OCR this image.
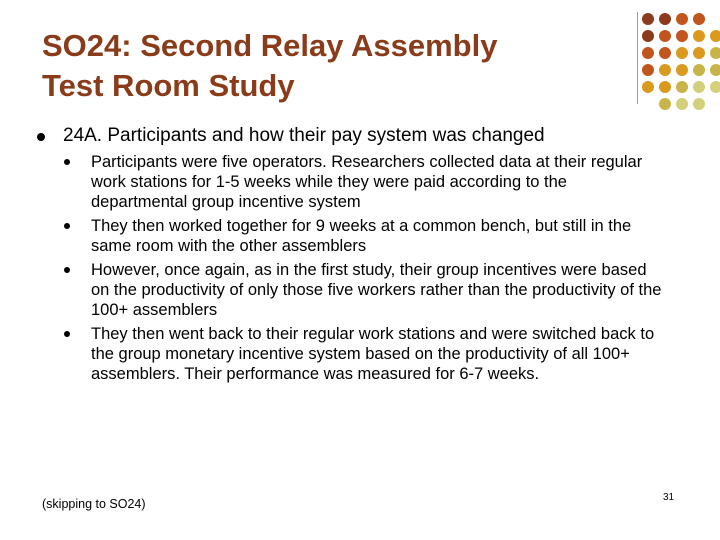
SO24: Second Relay Assembly
Test Room Study
24A. Participants and how their pay system was changed
Participants were five operators. Researchers collected data at their regular work stations for 1-5 weeks while they were paid according to the departmental group incentive system
They then worked together for 9 weeks at a common bench, but still in the same room with the other assemblers
However, once again, as in the first study, their group incentives were based on the productivity of only those five workers rather than the productivity of the 100+ assemblers
They then went back to their regular work stations and were switched back to the group monetary incentive system based on the productivity of all 100+ assemblers. Their performance was measured for 6-7 weeks.
(skipping to SO24)	31
